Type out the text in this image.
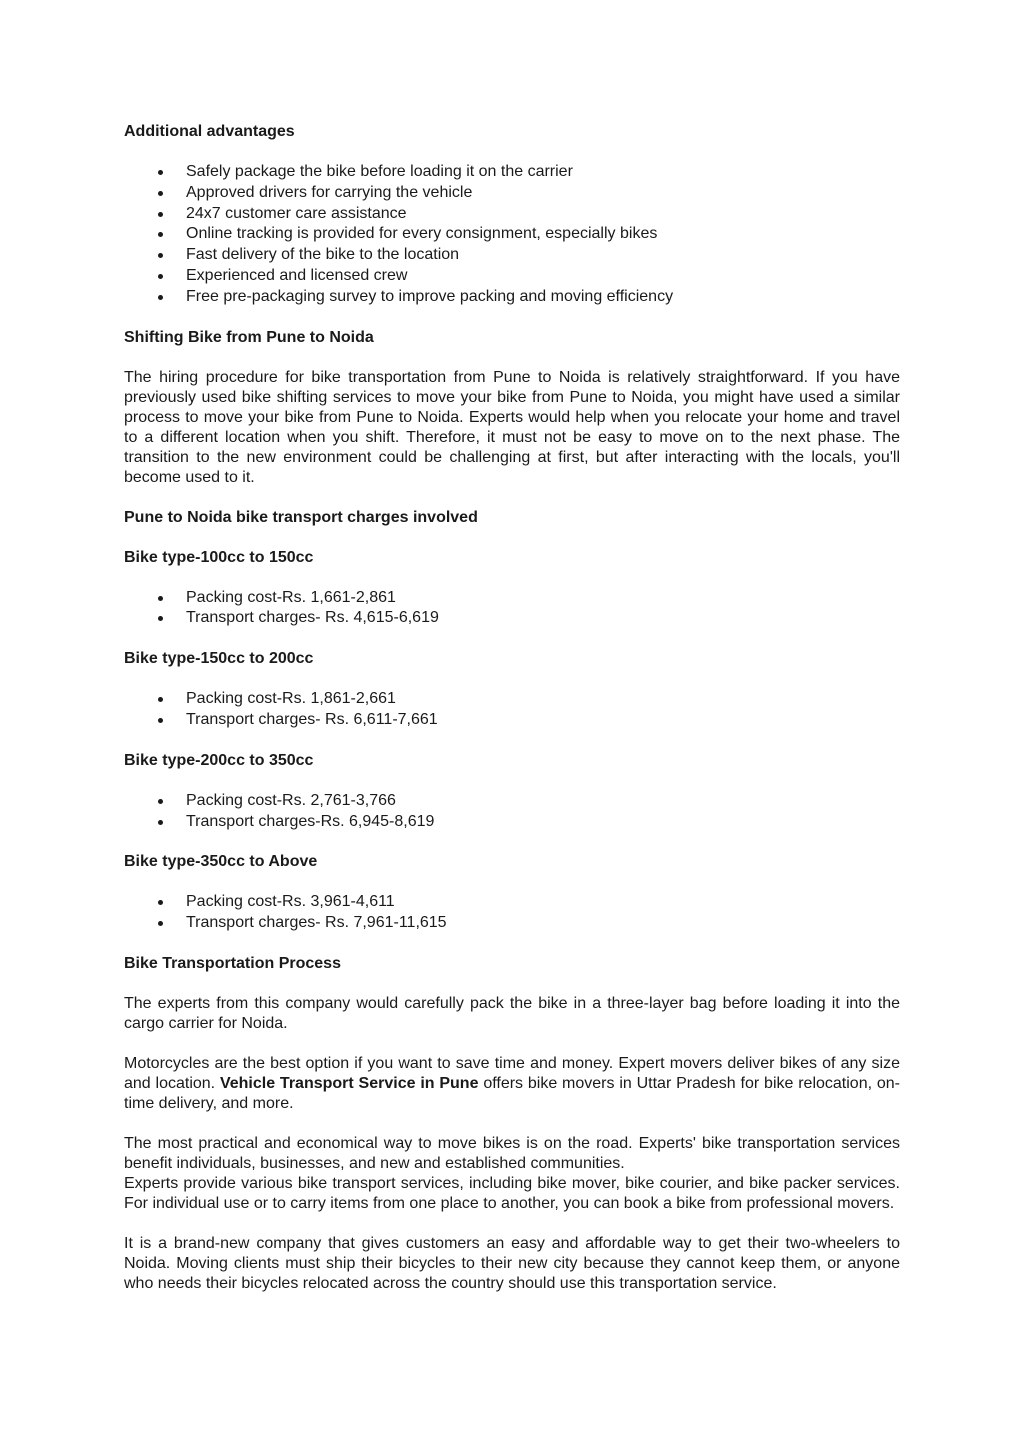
Additional advantages

Safely package the bike before loading it on the carrier
Approved drivers for carrying the vehicle
24x7 customer care assistance
Online tracking is provided for every consignment, especially bikes
Fast delivery of the bike to the location
Experienced and licensed crew
Free pre-packaging survey to improve packing and moving efficiency

Shifting Bike from Pune to Noida

The hiring procedure for bike transportation from Pune to Noida is relatively straightforward. If you have previously used bike shifting services to move your bike from Pune to Noida, you might have used a similar process to move your bike from Pune to Noida. Experts would help when you relocate your home and travel to a different location when you shift. Therefore, it must not be easy to move on to the next phase. The transition to the new environment could be challenging at first, but after interacting with the locals, you'll become used to it.

Pune to Noida bike transport charges involved

Bike type-100cc to 150cc

Packing cost-Rs. 1,661-2,861
Transport charges- Rs. 4,615-6,619

Bike type-150cc to 200cc

Packing cost-Rs. 1,861-2,661
Transport charges- Rs. 6,611-7,661

Bike type-200cc to 350cc

Packing cost-Rs. 2,761-3,766
Transport charges-Rs. 6,945-8,619

Bike type-350cc to Above

Packing cost-Rs. 3,961-4,611
Transport charges- Rs. 7,961-11,615

Bike Transportation Process

The experts from this company would carefully pack the bike in a three-layer bag before loading it into the cargo carrier for Noida.

Motorcycles are the best option if you want to save time and money. Expert movers deliver bikes of any size and location. Vehicle Transport Service in Pune offers bike movers in Uttar Pradesh for bike relocation, on-time delivery, and more.

The most practical and economical way to move bikes is on the road. Experts' bike transportation services benefit individuals, businesses, and new and established communities.

Experts provide various bike transport services, including bike mover, bike courier, and bike packer services. For individual use or to carry items from one place to another, you can book a bike from professional movers.

It is a brand-new company that gives customers an easy and affordable way to get their two-wheelers to Noida. Moving clients must ship their bicycles to their new city because they cannot keep them, or anyone who needs their bicycles relocated across the country should use this transportation service.
